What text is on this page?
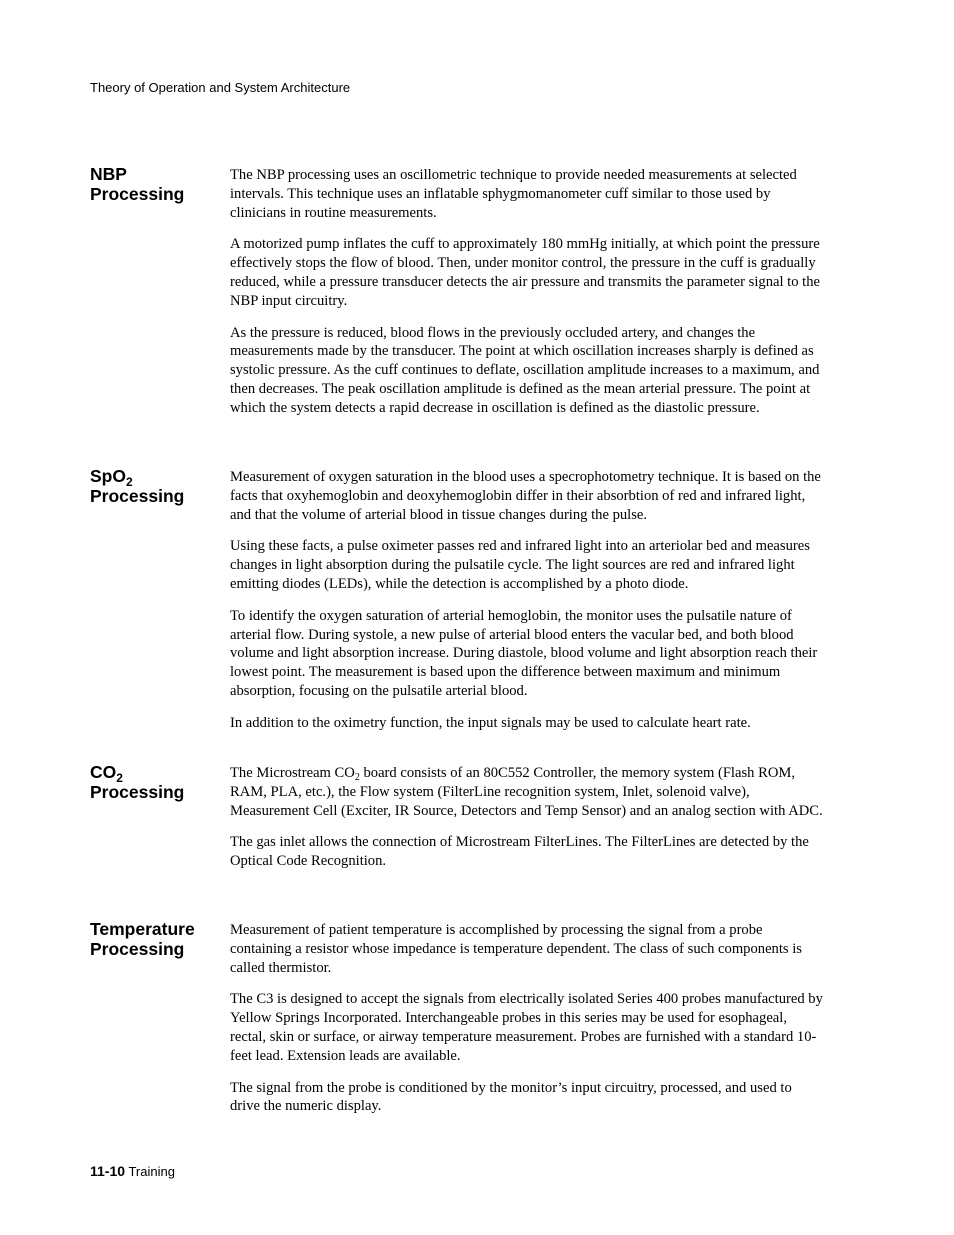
Theory of Operation and System Architecture
NBP
Processing

The NBP processing uses an oscillometric technique to provide needed measurements at selected intervals. This technique uses an inflatable sphygmomanometer cuff similar to those used by clinicians in routine measurements.

A motorized pump inflates the cuff to approximately 180 mmHg initially, at which point the pressure effectively stops the flow of blood. Then, under monitor control, the pressure in the cuff is gradually reduced, while a pressure transducer detects the air pressure and transmits the parameter signal to the NBP input circuitry.

As the pressure is reduced, blood flows in the previously occluded artery, and changes the measurements made by the transducer. The point at which oscillation increases sharply is defined as systolic pressure. As the cuff continues to deflate, oscillation amplitude increases to a maximum, and then decreases. The peak oscillation amplitude is defined as the mean arterial pressure. The point at which the system detects a rapid decrease in oscillation is defined as the diastolic pressure.

SpO$_2$
Processing

Measurement of oxygen saturation in the blood uses a specrophotometry technique. It is based on the facts that oxyhemoglobin and deoxyhemoglobin differ in their absorbtion of red and infrared light, and that the volume of arterial blood in tissue changes during the pulse.

Using these facts, a pulse oximeter passes red and infrared light into an arteriolar bed and measures changes in light absorption during the pulsatile cycle. The light sources are red and infrared light emitting diodes (LEDs), while the detection is accomplished by a photo diode.

To identify the oxygen saturation of arterial hemoglobin, the monitor uses the pulsatile nature of arterial flow. During systole, a new pulse of arterial blood enters the vacular bed, and both blood volume and light absorption increase. During diastole, blood volume and light absorption reach their lowest point. The measurement is based upon the difference between maximum and minimum absorption, focusing on the pulsatile arterial blood.

In addition to the oximetry function, the input signals may be used to calculate heart rate.

$CO_2$
Processing

The Microstream $CO_2$ board consists of an 80C552 Controller, the memory system (Flash ROM, RAM, PLA, etc.), the Flow system (FilterLine recognition system, Inlet, solenoid valve), Measurement Cell (Exciter, IR Source, Detectors and Temp Sensor) and an analog section with ADC.

The gas inlet allows the connection of Microstream FilterLines. The FilterLines are detected by the Optical Code Recognition.

Temperature
Processing

Measurement of patient temperature is accomplished by processing the signal from a probe containing a resistor whose impedance is temperature dependent. The class of such components is called thermistor.

The C3 is designed to accept the signals from electrically isolated Series 400 probes manufactured by Yellow Springs Incorporated. Interchangeable probes in this series may be used for esophageal, rectal, skin or surface, or airway temperature measurement. Probes are furnished with a standard 10-feet lead. Extension leads are available.

The signal from the probe is conditioned by the monitor’s input circuitry, processed, and used to drive the numeric display.

11-10 Training
